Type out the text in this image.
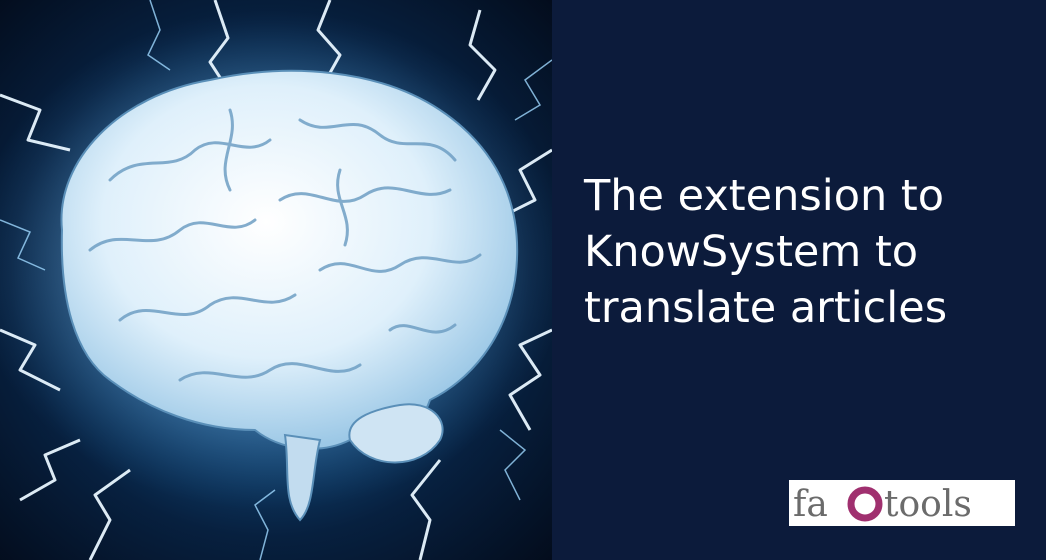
The extension to
KnowSystem to
translate articles
fa tools
